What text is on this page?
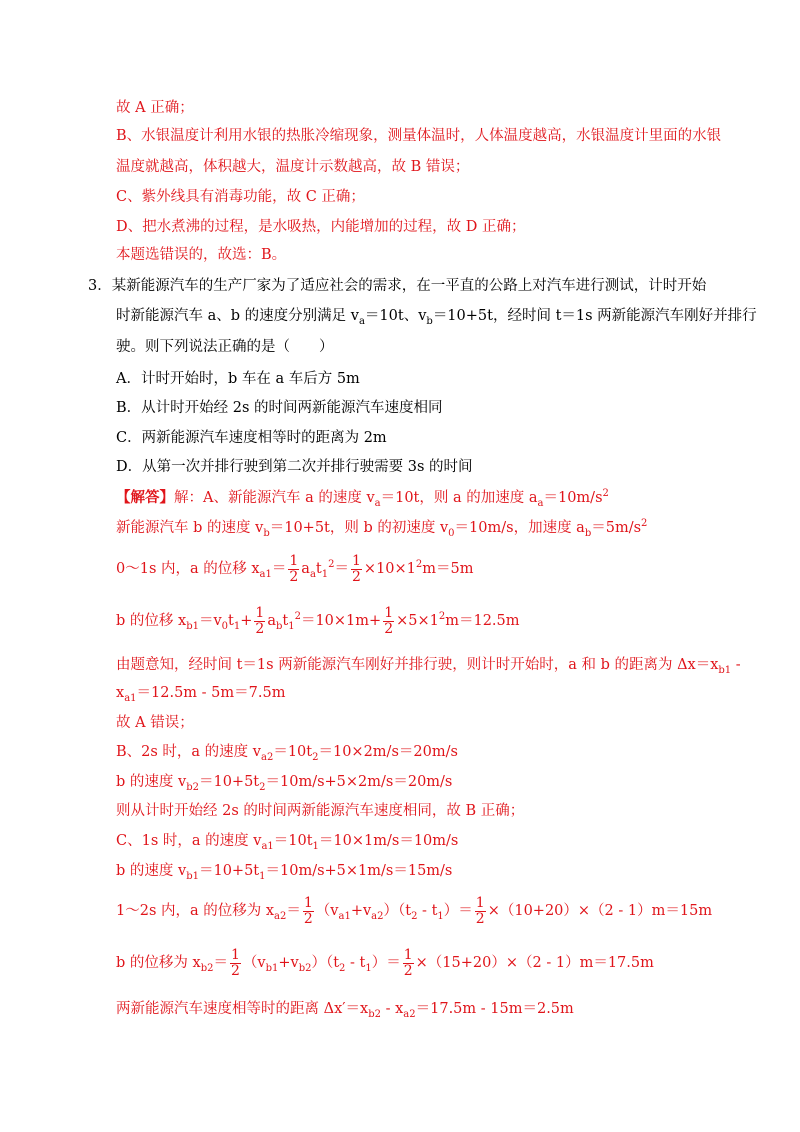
故 A 正确；
B、水银温度计利用水银的热胀冷缩现象，测量体温时，人体温度越高，水银温度计里面的水银
温度就越高，体积越大，温度计示数越高，故 B 错误；
C、紫外线具有消毒功能，故 C 正确；
D、把水煮沸的过程，是水吸热，内能增加的过程，故 D 正确；
本题选错误的，故选：B。
3．某新能源汽车的生产厂家为了适应社会的需求，在一平直的公路上对汽车进行测试，计时开始
时新能源汽车 a、b 的速度分别满足 $v_a=10t$、$v_b=10+5t$，经时间 t＝1s 两新能源汽车刚好并排行
驶。则下列说法正确的是（　　）
A．计时开始时，b 车在 a 车后方 5m
B．从计时开始经 2s 的时间两新能源汽车速度相同
C．两新能源汽车速度相等时的距离为 2m
D．从第一次并排行驶到第二次并排行驶需要 3s 的时间
【解答】解：A、新能源汽车 a 的速度 $v_a=10t$，则 a 的加速度 $a_a=10m/s^2$
新能源汽车 b 的速度 $v_b=10+5t$，则 b 的初速度 $v_0=10m/s$，加速度 $a_b=5m/s^2$
0～1s 内，a 的位移 $x_{a1}= \frac{1}{2} a_at_1^2= \frac{1}{2} \times 10\times 1^2m=5m$
b 的位移 $x_{b1}=v_0t_1+ \frac{1}{2} a_bt_1^2=10\times 1m+ \frac{1}{2} \times 5\times 1^2m=12.5m$
由题意知，经时间 t＝1s 两新能源汽车刚好并排行驶，则计时开始时，a 和 b 的距离为 $\Delta x=x_{b1}$ -
$x_{a1}=12.5m - 5m=7.5m$
故 A 错误；
B、2s 时，a 的速度 $v_{a2}=10t_2=10\times 2m/s=20m/s$
b 的速度 $v_{b2}=10+5t_2=10m/s+5\times 2m/s=20m/s$
则从计时开始经 2s 的时间两新能源汽车速度相同，故 B 正确；
C、1s 时，a 的速度 $v_{a1}=10t_1=10\times 1m/s=10m/s$
b 的速度 $v_{b1}=10+5t_1=10m/s+5\times 1m/s=15m/s$
1～2s 内，a 的位移为 $x_{a2}= \frac{1}{2} (v_{a1}+v_{a2})(t_2 - t_1)= \frac{1}{2} \times(10+20)\times(2 - 1)m=15m$
b 的位移为 $x_{b2}= \frac{1}{2} (v_{b1}+v_{b2})(t_2 - t_1)= \frac{1}{2} \times(15+20)\times(2 - 1)m=17.5m$
两新能源汽车速度相等时的距离 $\Delta x'=x_{b2} - x_{a2}=17.5m - 15m=2.5m$
